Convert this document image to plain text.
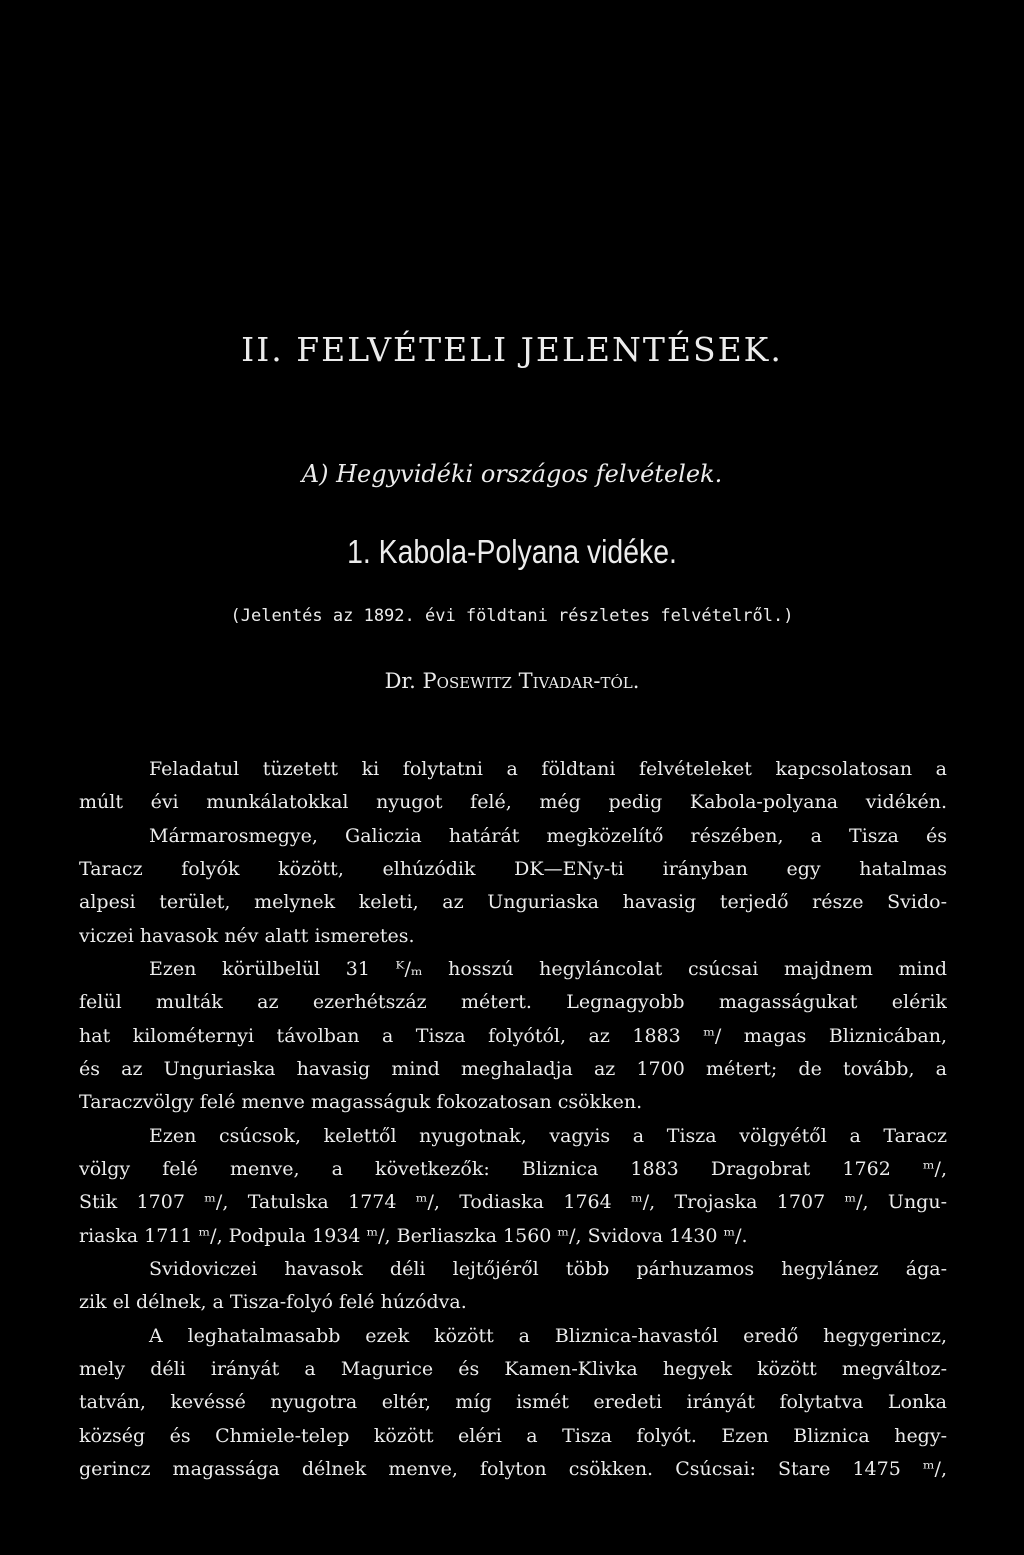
II. FELVÉTELI JELENTÉSEK.
A) Hegyvidéki országos felvételek.
1. Kabola-Polyana vidéke.
(Jelentés az 1892. évi földtani részletes felvételről.)
Dr. Posewitz Tivadar-tól.
Feladatul tüzetett ki folytatni a földtani felvételeket kapcsolatosan a
múlt évi munkálatokkal nyugot felé, még pedig Kabola-polyana vidékén.
Mármarosmegye, Galiczia határát megközelítő részében, a Tisza és
Taracz folyók között, elhúzódik DK—ENy-ti irányban egy hatalmas
alpesi terület, melynek keleti, az Unguriaska havasig terjedő része Svido-
viczei havasok név alatt ismeretes.
Ezen körülbelül 31 ᴷ/ₘ hosszú hegyláncolat csúcsai majdnem mind
felül multák az ezerhétszáz métert. Legnagyobb magasságukat elérik
hat kilométernyi távolban a Tisza folyótól, az 1883 ᵐ/ magas Bliznicában,
és az Unguriaska havasig mind meghaladja az 1700 métert; de tovább, a
Taraczvölgy felé menve magasságuk fokozatosan csökken.
Ezen csúcsok, kelettől nyugotnak, vagyis a Tisza völgyétől a Taracz
völgy felé menve, a következők: Bliznica 1883 Dragobrat 1762 ᵐ/,
Stik 1707 ᵐ/, Tatulska 1774 ᵐ/, Todiaska 1764 ᵐ/, Trojaska 1707 ᵐ/, Ungu-
riaska 1711 ᵐ/, Podpula 1934 ᵐ/, Berliaszka 1560 ᵐ/, Svidova 1430 ᵐ/.
Svidoviczei havasok déli lejtőjéről több párhuzamos hegylánez ága-
zik el délnek, a Tisza-folyó felé húzódva.
A leghatalmasabb ezek között a Bliznica-havastól eredő hegygerincz,
mely déli irányát a Magurice és Kamen-Klivka hegyek között megváltoz-
tatván, kevéssé nyugotra eltér, míg ismét eredeti irányát folytatva Lonka
község és Chmiele-telep között eléri a Tisza folyót. Ezen Bliznica hegy-
gerincz magassága délnek menve, folyton csökken. Csúcsai: Stare 1475 ᵐ/,
